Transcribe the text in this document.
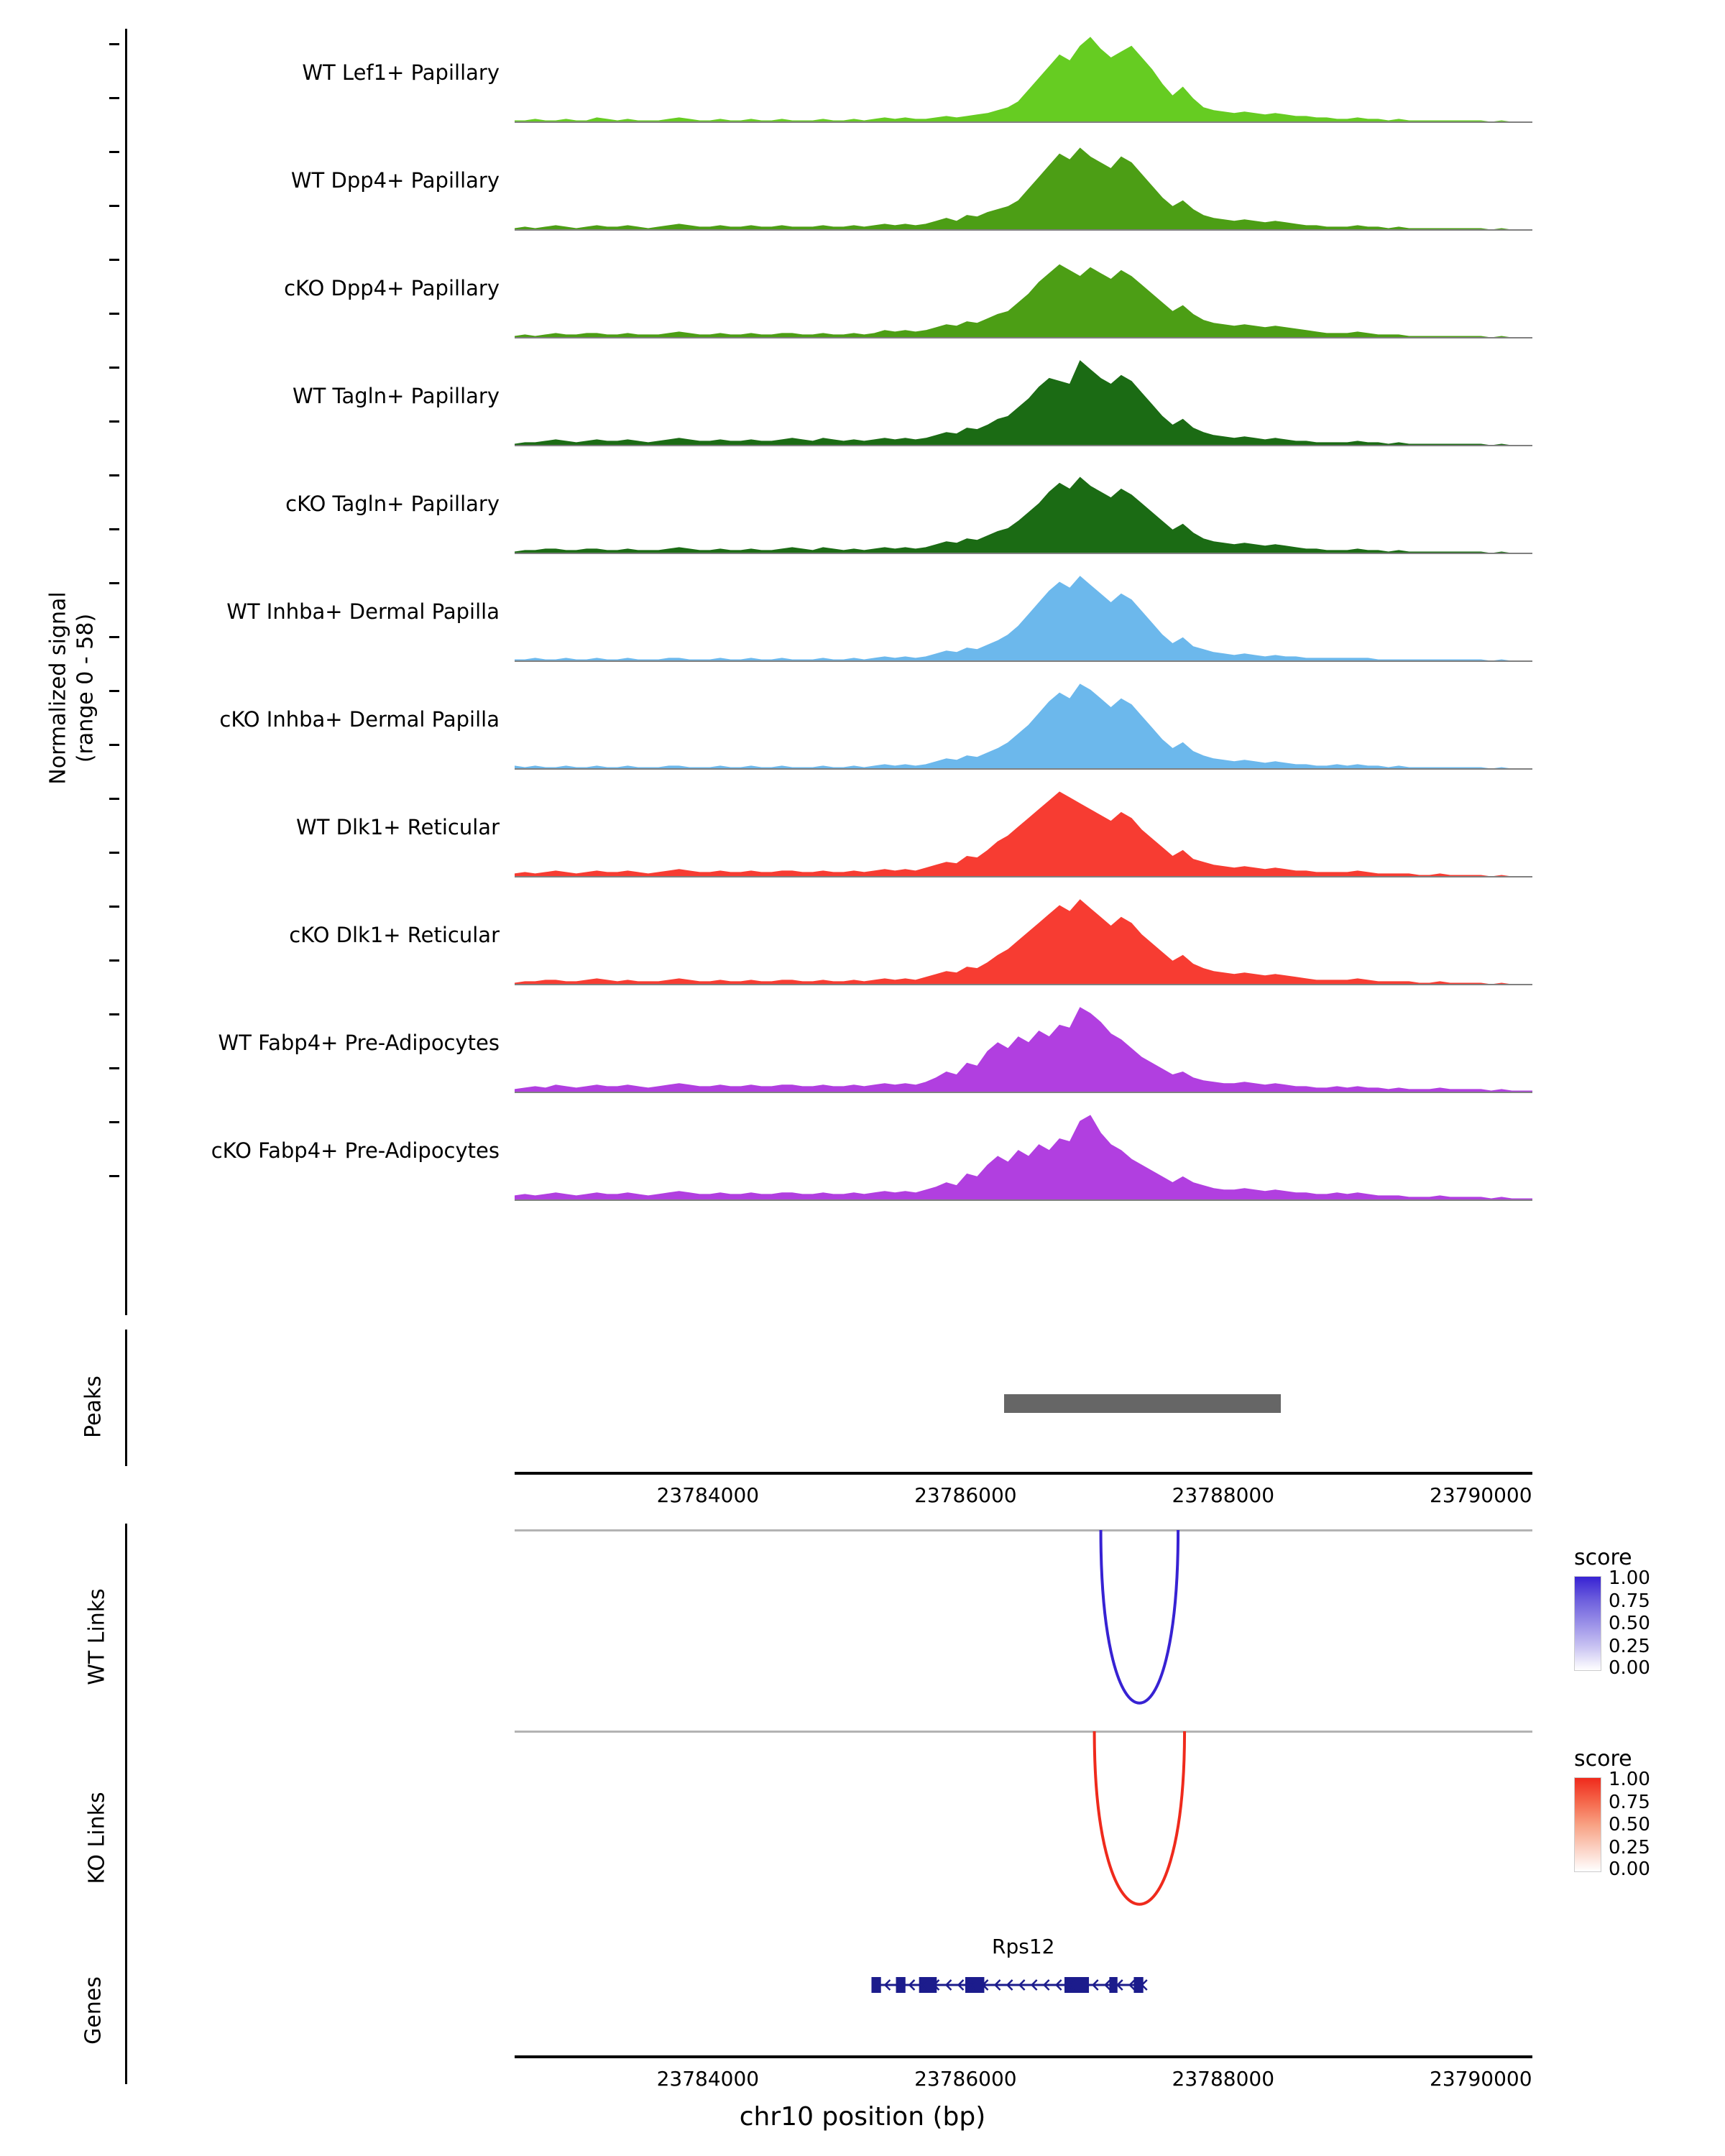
Normalized signal
(range 0 - 58)
WT Lef1+ Papillary
WT Dpp4+ Papillary
cKO Dpp4+ Papillary
WT Tagln+ Papillary
cKO Tagln+ Papillary
WT Inhba+ Dermal Papilla
cKO Inhba+ Dermal Papilla
WT Dlk1+ Reticular
cKO Dlk1+ Reticular
WT Fabp4+ Pre-Adipocytes
cKO Fabp4+ Pre-Adipocytes
Peaks
23784000	23786000	23788000	23790000
WT Links
score
1.00
0.75
0.50
0.25
0.00
KO Links
score
1.00
0.75
0.50
0.25
0.00
Genes
Rps12
23784000	23786000	23788000	23790000
chr10 position (bp)
